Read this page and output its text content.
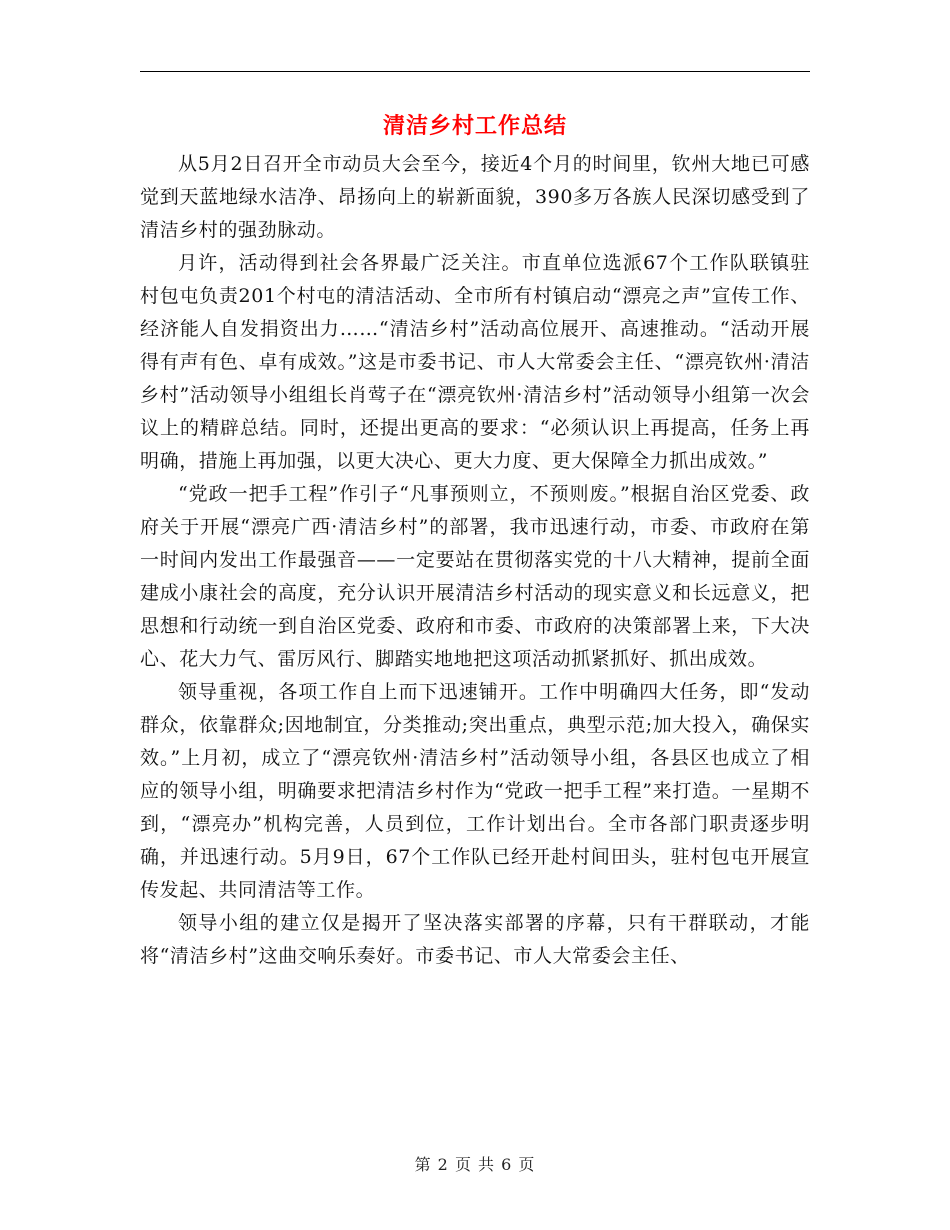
清洁乡村工作总结

从5月2日召开全市动员大会至今，接近4个月的时间里，钦州大地已可感觉到天蓝地绿水洁净、昂扬向上的崭新面貌，390多万各族人民深切感受到了清洁乡村的强劲脉动。

月许，活动得到社会各界最广泛关注。市直单位选派67个工作队联镇驻村包屯负责201个村屯的清洁活动、全市所有村镇启动“漂亮之声”宣传工作、经济能人自发捐资出力……“清洁乡村”活动高位展开、高速推动。“活动开展得有声有色、卓有成效。”这是市委书记、市人大常委会主任、“漂亮钦州·清洁乡村”活动领导小组组长肖莺子在“漂亮钦州·清洁乡村”活动领导小组第一次会议上的精辟总结。同时，还提出更高的要求：“必须认识上再提高，任务上再明确，措施上再加强，以更大决心、更大力度、更大保障全力抓出成效。”

“党政一把手工程”作引子“凡事预则立，不预则废。”根据自治区党委、政府关于开展“漂亮广西·清洁乡村”的部署，我市迅速行动，市委、市政府在第一时间内发出工作最强音——一定要站在贯彻落实党的十八大精神，提前全面建成小康社会的高度，充分认识开展清洁乡村活动的现实意义和长远意义，把思想和行动统一到自治区党委、政府和市委、市政府的决策部署上来，下大决心、花大力气、雷厉风行、脚踏实地地把这项活动抓紧抓好、抓出成效。

领导重视，各项工作自上而下迅速铺开。工作中明确四大任务，即“发动群众，依靠群众;因地制宜，分类推动;突出重点，典型示范;加大投入，确保实效。”上月初，成立了“漂亮钦州·清洁乡村”活动领导小组，各县区也成立了相应的领导小组，明确要求把清洁乡村作为“党政一把手工程”来打造。一星期不到，“漂亮办”机构完善，人员到位，工作计划出台。全市各部门职责逐步明确，并迅速行动。5月9日，67个工作队已经开赴村间田头，驻村包屯开展宣传发起、共同清洁等工作。

领导小组的建立仅是揭开了坚决落实部署的序幕，只有干群联动，才能将“清洁乡村”这曲交响乐奏好。市委书记、市人大常委会主任、

第 2 页 共 6 页
